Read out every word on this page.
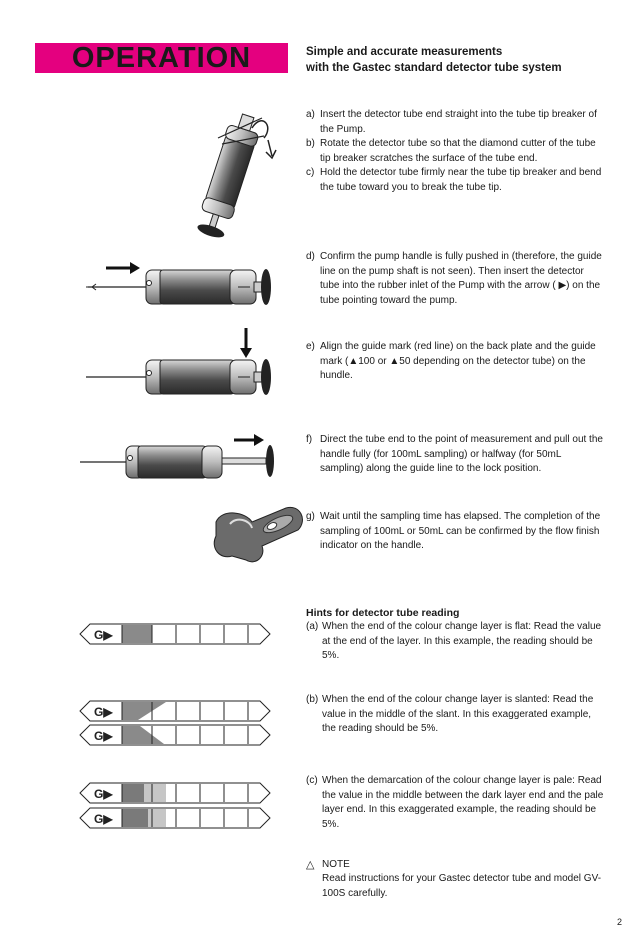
OPERATION	Simple and accurate measurements
with the Gastec standard detector tube system
a) Insert the detector tube end straight into the tube tip breaker of the Pump.
b) Rotate the detector tube so that the diamond cutter of the tube tip breaker scratches the surface of the tube end.
c) Hold the detector tube firmly near the tube tip breaker and bend the tube toward you to break the tube tip.
d) Confirm the pump handle is fully pushed in (therefore, the guide line on the pump shaft is not seen). Then insert the detector tube into the rubber inlet of the Pump with the arrow ( ▶) on the tube pointing toward the pump.
e) Align the guide mark (red line) on the back plate and the guide mark (▲100 or ▲50 depending on the detector tube) on the hundle.
f) Direct the tube end to the point of measurement and pull out the handle fully (for 100mL sampling) or halfway (for 50mL sampling) along the guide line to the lock position.
g) Wait until the sampling time has elapsed. The completion of the sampling of 100mL or 50mL can be confirmed by the flow finish indicator on the handle.
Hints for detector tube reading
(a) When the end of the colour change layer is flat: Read the value at the end of the layer. In this example, the reading should be 5%.
(b) When the end of the colour change layer is slanted: Read the value in the middle of the slant. In this exaggerated example, the reading should be 5%.
(c) When the demarcation of the colour change layer is pale: Read the value in the middle between the dark layer end and the pale layer end. In this exaggerated example, the reading should be 5%.
△ NOTE
Read instructions for your Gastec detector tube and model GV-100S carefully.
2
G▶
G▶
G▶
G▶
G▶
